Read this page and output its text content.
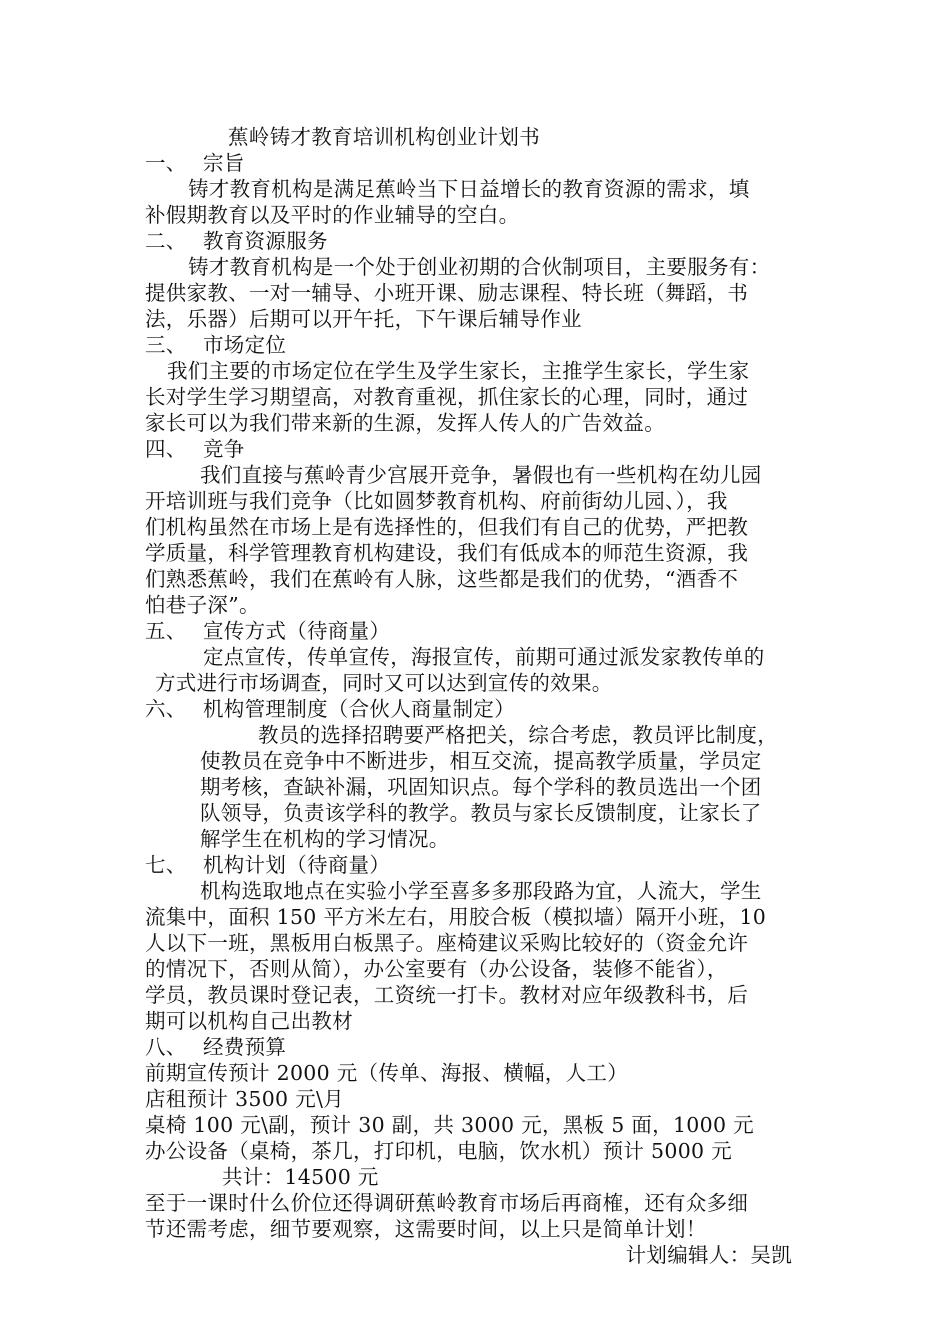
蕉岭铸才教育培训机构创业计划书
一、 宗旨
铸才教育机构是满足蕉岭当下日益增长的教育资源的需求，填
补假期教育以及平时的作业辅导的空白。
二、 教育资源服务
铸才教育机构是一个处于创业初期的合伙制项目，主要服务有：
提供家教、一对一辅导、小班开课、励志课程、特长班（舞蹈，书
法，乐器）后期可以开午托，下午课后辅导作业
三、 市场定位
我们主要的市场定位在学生及学生家长，主推学生家长，学生家
长对学生学习期望高，对教育重视，抓住家长的心理，同时，通过
家长可以为我们带来新的生源，发挥人传人的广告效益。
四、 竞争
我们直接与蕉岭青少宫展开竞争，暑假也有一些机构在幼儿园
开培训班与我们竞争（比如圆梦教育机构、府前街幼儿园、），我
们机构虽然在市场上是有选择性的，但我们有自己的优势，严把教
学质量，科学管理教育机构建设，我们有低成本的师范生资源，我
们熟悉蕉岭，我们在蕉岭有人脉，这些都是我们的优势，“酒香不
怕巷子深”。
五、 宣传方式（待商量）
定点宣传，传单宣传，海报宣传，前期可通过派发家教传单的
方式进行市场调查，同时又可以达到宣传的效果。
六、 机构管理制度（合伙人商量制定）
教员的选择招聘要严格把关，综合考虑，教员评比制度，
使教员在竞争中不断进步，相互交流，提高教学质量，学员定
期考核，查缺补漏，巩固知识点。每个学科的教员选出一个团
队领导，负责该学科的教学。教员与家长反馈制度，让家长了
解学生在机构的学习情况。
七、 机构计划（待商量）
机构选取地点在实验小学至喜多多那段路为宜，人流大，学生
流集中，面积 150 平方米左右，用胶合板（模拟墙）隔开小班，10
人以下一班，黑板用白板黑子。座椅建议采购比较好的（资金允许
的情况下，否则从简），办公室要有（办公设备，装修不能省），
学员，教员课时登记表，工资统一打卡。教材对应年级教科书，后
期可以机构自己出教材
八、 经费预算
前期宣传预计 2000 元（传单、海报、横幅，人工）
店租预计 3500 元\月
桌椅 100 元\副，预计 30 副，共 3000 元，黑板 5 面，1000 元
办公设备（桌椅，茶几，打印机，电脑，饮水机）预计 5000 元
共计：14500 元
至于一课时什么价位还得调研蕉岭教育市场后再商榷，还有众多细
节还需考虑，细节要观察，这需要时间，以上只是简单计划！
计划编辑人：吴凯
